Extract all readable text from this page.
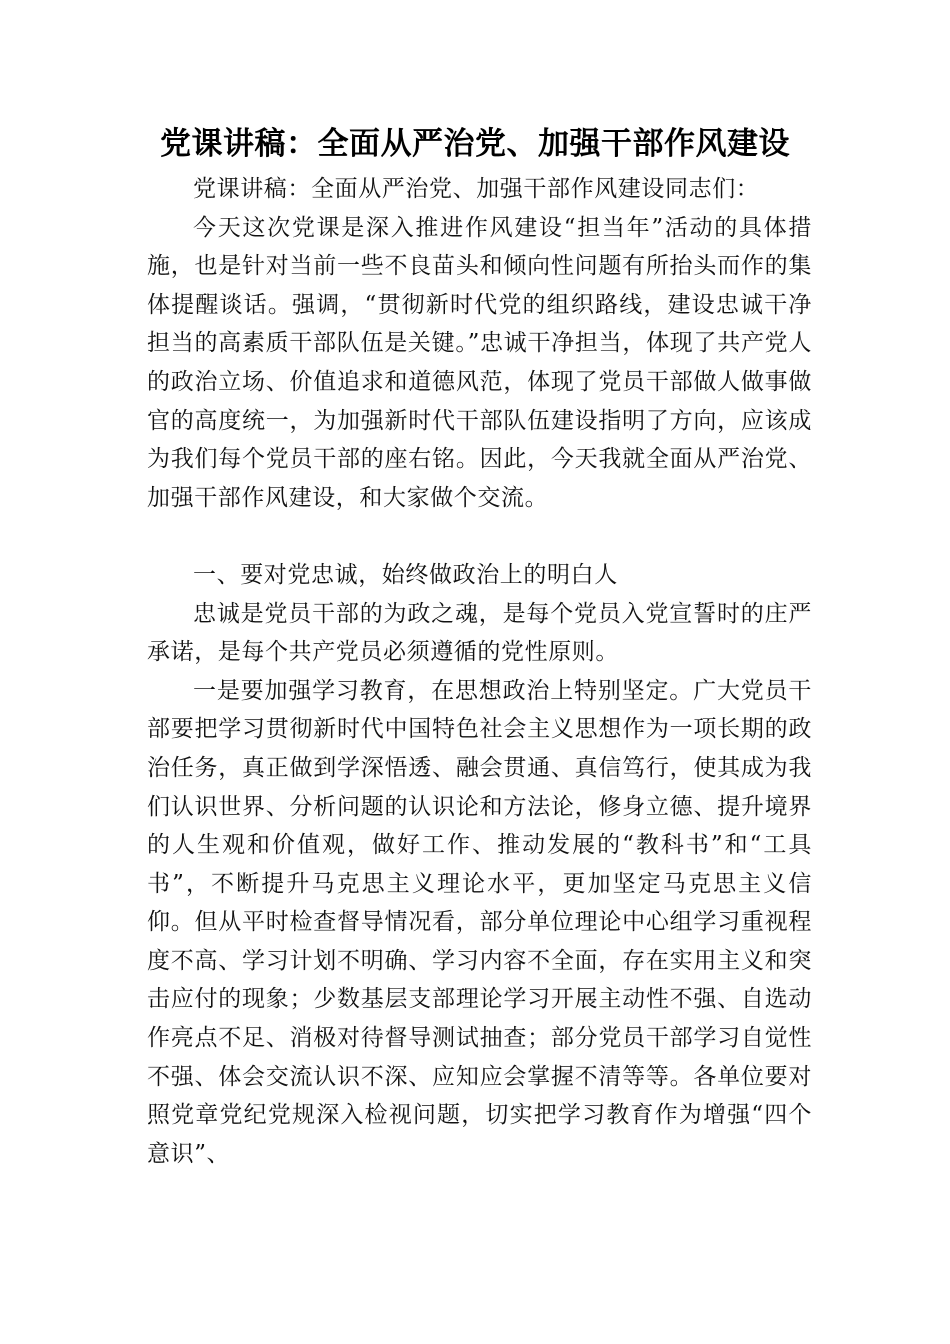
党课讲稿：全面从严治党、加强干部作风建设

党课讲稿：全面从严治党、加强干部作风建设同志们：

今天这次党课是深入推进作风建设“担当年”活动的具体措施，也是针对当前一些不良苗头和倾向性问题有所抬头而作的集体提醒谈话。强调，“贯彻新时代党的组织路线，建设忠诚干净担当的高素质干部队伍是关键。”忠诚干净担当，体现了共产党人的政治立场、价值追求和道德风范，体现了党员干部做人做事做官的高度统一，为加强新时代干部队伍建设指明了方向，应该成为我们每个党员干部的座右铭。因此，今天我就全面从严治党、加强干部作风建设，和大家做个交流。

一、要对党忠诚，始终做政治上的明白人

忠诚是党员干部的为政之魂，是每个党员入党宣誓时的庄严承诺，是每个共产党员必须遵循的党性原则。

一是要加强学习教育，在思想政治上特别坚定。广大党员干部要把学习贯彻新时代中国特色社会主义思想作为一项长期的政治任务，真正做到学深悟透、融会贯通、真信笃行，使其成为我们认识世界、分析问题的认识论和方法论，修身立德、提升境界的人生观和价值观，做好工作、推动发展的“教科书”和“工具书”，不断提升马克思主义理论水平，更加坚定马克思主义信仰。但从平时检查督导情况看，部分单位理论中心组学习重视程度不高、学习计划不明确、学习内容不全面，存在实用主义和突击应付的现象；少数基层支部理论学习开展主动性不强、自选动作亮点不足、消极对待督导测试抽查；部分党员干部学习自觉性不强、体会交流认识不深、应知应会掌握不清等等。各单位要对照党章党纪党规深入检视问题，切实把学习教育作为增强“四个意识”、
